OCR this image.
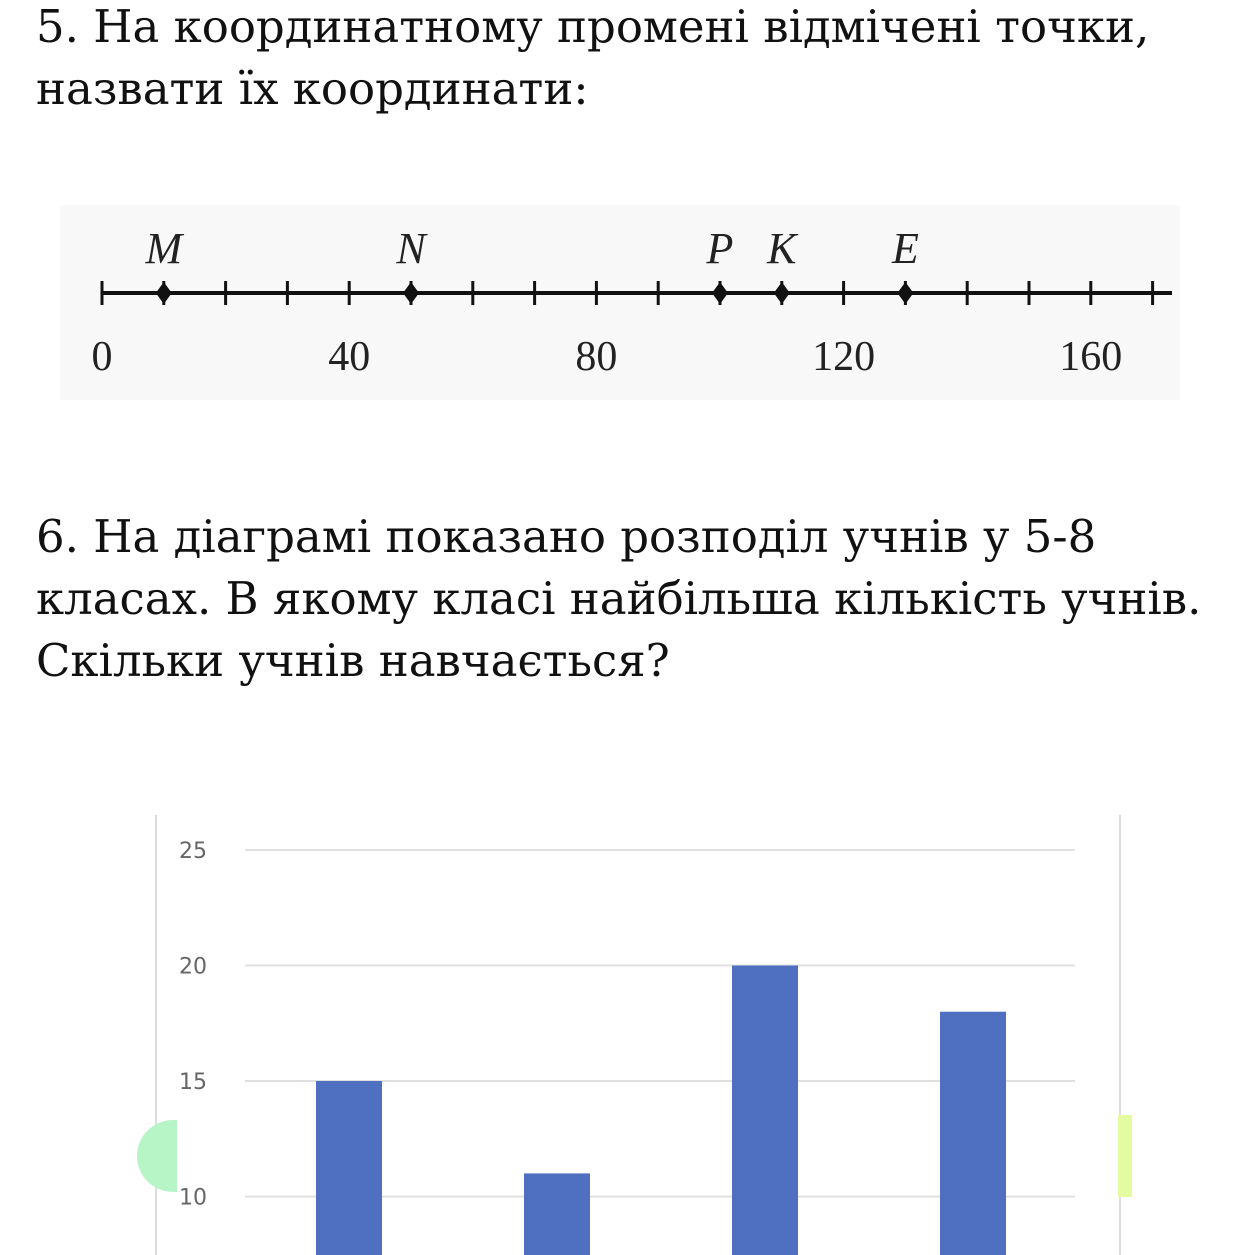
5. На координатному промені відмічені точки, назвати їх координати:

0	40	80	120	160
M	N	P K E

6. На діаграмі показано розподіл учнів у 5-8 класах. В якому класі найбільша кількість учнів. Скільки учнів навчається?

10
15
20
25
